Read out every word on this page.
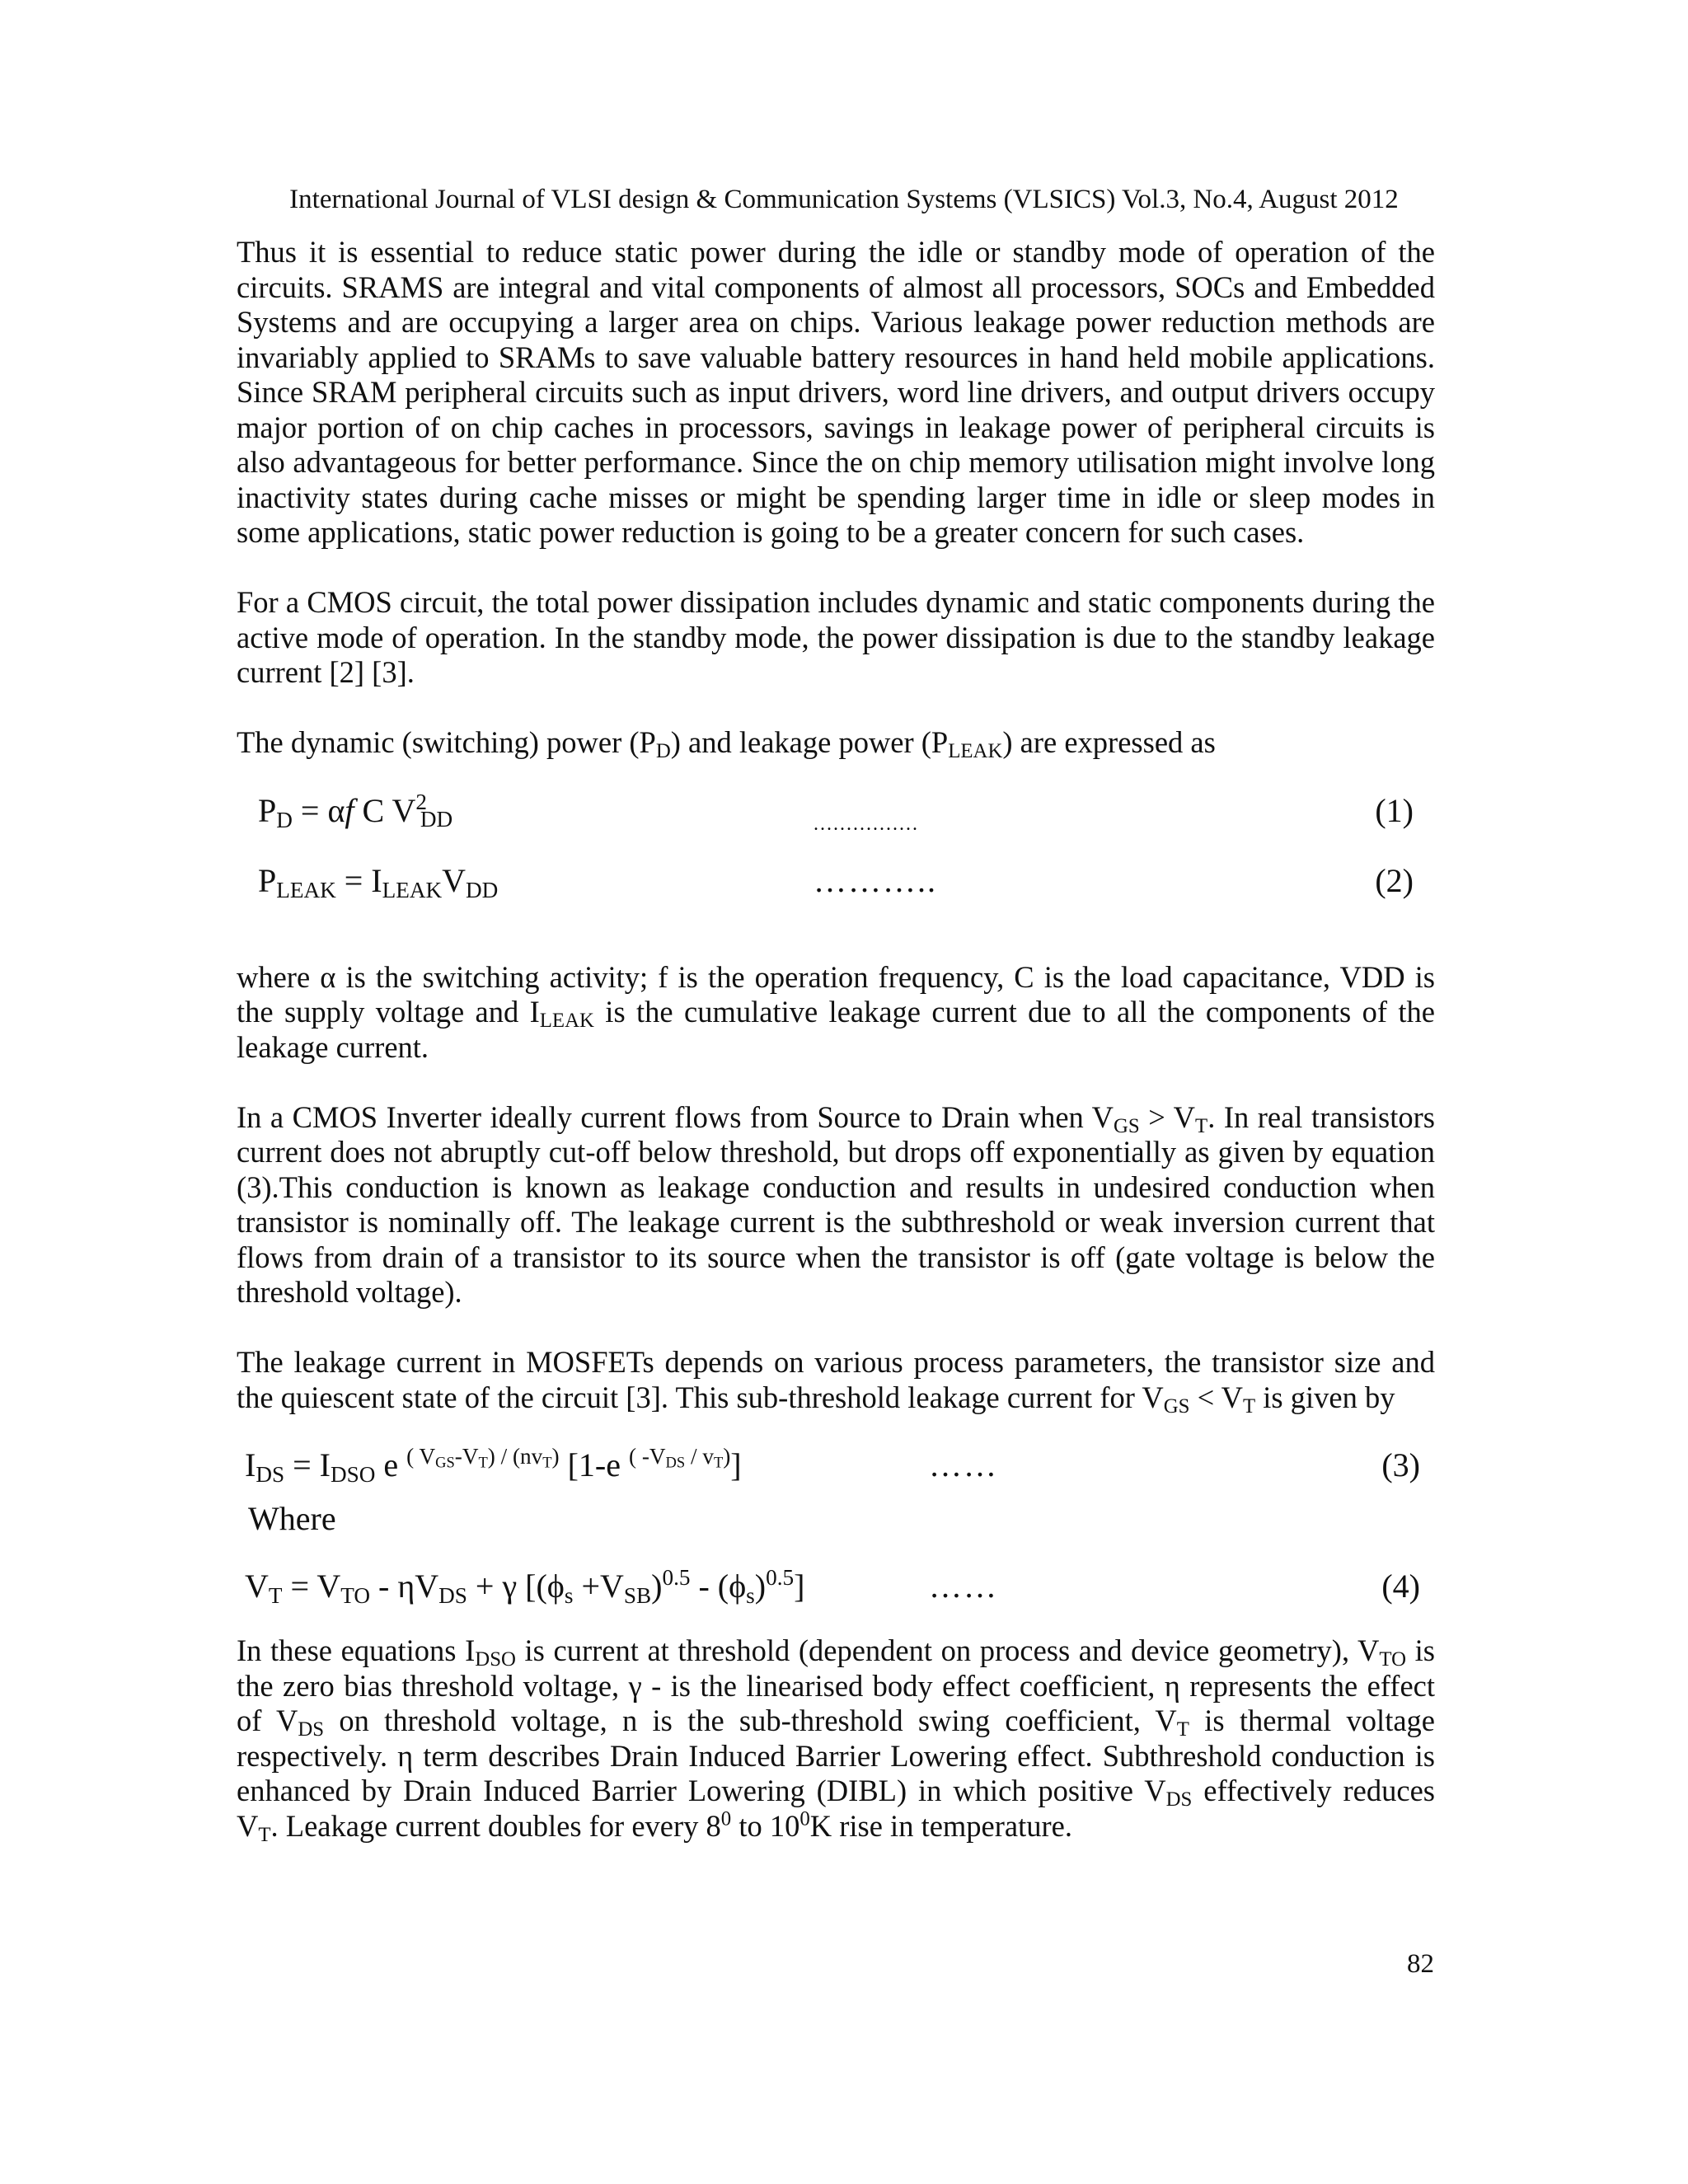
International Journal of VLSI design & Communication Systems (VLSICS) Vol.3, No.4, August 2012

Thus it is essential to reduce static power during the idle or standby mode of operation of the circuits. SRAMS are integral and vital components of almost all processors, SOCs and Embedded Systems and are occupying a larger area on chips. Various leakage power reduction methods are invariably applied to SRAMs to save valuable battery resources in hand held mobile applications. Since SRAM peripheral circuits such as input drivers, word line drivers, and output drivers occupy major portion of on chip caches in processors, savings in leakage power of peripheral circuits is also advantageous for better performance. Since the on chip memory utilisation might involve long inactivity states during cache misses or might be spending larger time in idle or sleep modes in some applications, static power reduction is going to be a greater concern for such cases.

For a CMOS circuit, the total power dissipation includes dynamic and static components during the active mode of operation. In the standby mode, the power dissipation is due to the standby leakage current [2] [3].

The dynamic (switching) power $(P_D)$ and leakage power $(P_{LEAK})$ are expressed as

$P_D = \alpha f$ C $V^2_{DD}$	................	(1)
$P_{LEAK} = I_{LEAK}V_{DD}$	………..	(2)

where α is the switching activity; f is the operation frequency, C is the load capacitance, VDD is the supply voltage and $I_{LEAK}$ is the cumulative leakage current due to all the components of the leakage current.

In a CMOS Inverter ideally current flows from Source to Drain when $V_{GS} > V_T$. In real transistors current does not abruptly cut-off below threshold, but drops off exponentially as given by equation (3).This conduction is known as leakage conduction and results in undesired conduction when transistor is nominally off. The leakage current is the subthreshold or weak inversion current that flows from drain of a transistor to its source when the transistor is off (gate voltage is below the threshold voltage).

The leakage current in MOSFETs depends on various process parameters, the transistor size and the quiescent state of the circuit [3]. This sub-threshold leakage current for $V_{GS} < V_T$ is given by

$I_{DS} = I_{DSO}$ e $^{( V_{GS}-V_T) / (nv_T)}$ [1-e $^{( -V_{DS} / v_T)}$]	……	(3)
Where
$V_T = V_{TO} - \eta V_{DS} + \gamma$ $[(\phi_s +V_{SB})^{0.5} - (\phi_s)^{0.5}]$	……	(4)

In these equations $I_{DSO}$ is current at threshold (dependent on process and device geometry), $V_{TO}$ is the zero bias threshold voltage, γ - is the linearised body effect coefficient, η represents the effect of $V_{DS}$ on threshold voltage, n is the sub-threshold swing coefficient, $V_T$ is thermal voltage respectively. η term describes Drain Induced Barrier Lowering effect. Subthreshold conduction is enhanced by Drain Induced Barrier Lowering (DIBL) in which positive $V_{DS}$ effectively reduces $V_T$. Leakage current doubles for every $8^0$ to $10^0K$ rise in temperature.

82
